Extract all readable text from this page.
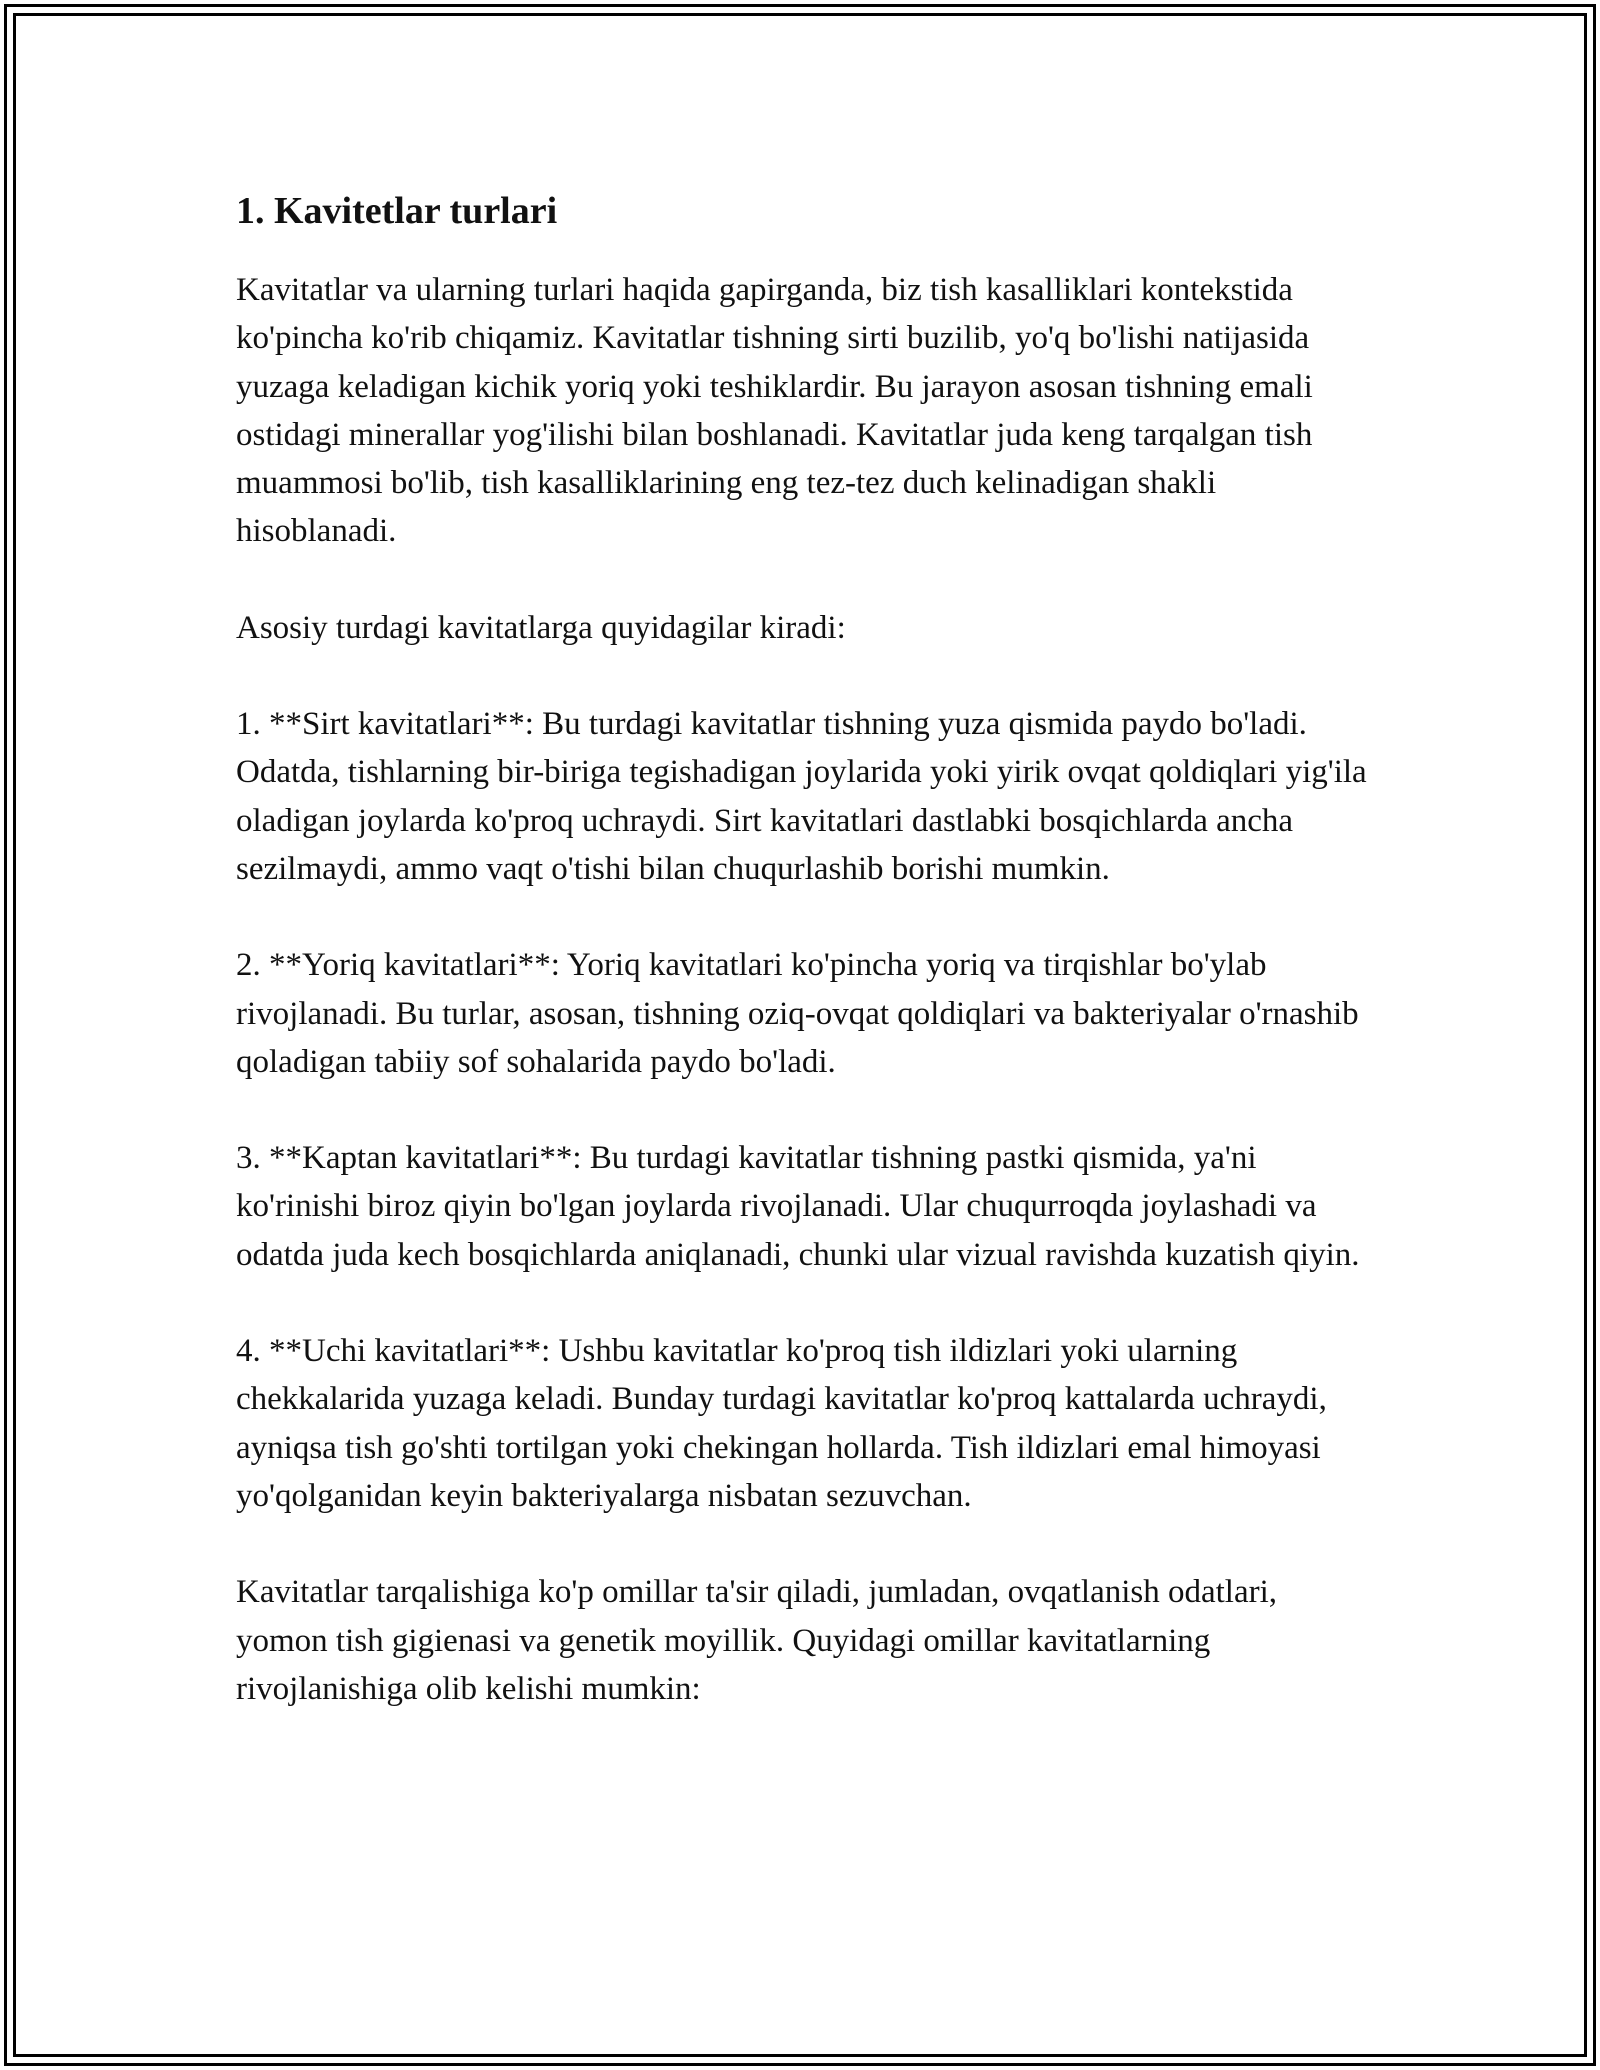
1. Kavitetlar turlari

Kavitatlar va ularning turlari haqida gapirganda, biz tish kasalliklari kontekstida ko'pincha ko'rib chiqamiz. Kavitatlar tishning sirti buzilib, yo'q bo'lishi natijasida yuzaga keladigan kichik yoriq yoki teshiklardir. Bu jarayon asosan tishning emali ostidagi minerallar yog'ilishi bilan boshlanadi. Kavitatlar juda keng tarqalgan tish muammosi bo'lib, tish kasalliklarining eng tez-tez duch kelinadigan shakli hisoblanadi.

Asosiy turdagi kavitatlarga quyidagilar kiradi:

1. **Sirt kavitatlari**: Bu turdagi kavitatlar tishning yuza qismida paydo bo'ladi. Odatda, tishlarning bir-biriga tegishadigan joylarida yoki yirik ovqat qoldiqlari yig'ila oladigan joylarda ko'proq uchraydi. Sirt kavitatlari dastlabki bosqichlarda ancha sezilmaydi, ammo vaqt o'tishi bilan chuqurlashib borishi mumkin.

2. **Yoriq kavitatlari**: Yoriq kavitatlari ko'pincha yoriq va tirqishlar bo'ylab rivojlanadi. Bu turlar, asosan, tishning oziq-ovqat qoldiqlari va bakteriyalar o'rnashib qoladigan tabiiy sof sohalarida paydo bo'ladi.

3. **Kaptan kavitatlari**: Bu turdagi kavitatlar tishning pastki qismida, ya'ni ko'rinishi biroz qiyin bo'lgan joylarda rivojlanadi. Ular chuqurroqda joylashadi va odatda juda kech bosqichlarda aniqlanadi, chunki ular vizual ravishda kuzatish qiyin.

4. **Uchi kavitatlari**: Ushbu kavitatlar ko'proq tish ildizlari yoki ularning chekkalarida yuzaga keladi. Bunday turdagi kavitatlar ko'proq kattalarda uchraydi, ayniqsa tish go'shti tortilgan yoki chekingan hollarda. Tish ildizlari emal himoyasi yo'qolganidan keyin bakteriyalarga nisbatan sezuvchan.

Kavitatlar tarqalishiga ko'p omillar ta'sir qiladi, jumladan, ovqatlanish odatlari, yomon tish gigienasi va genetik moyillik. Quyidagi omillar kavitatlarning rivojlanishiga olib kelishi mumkin:
